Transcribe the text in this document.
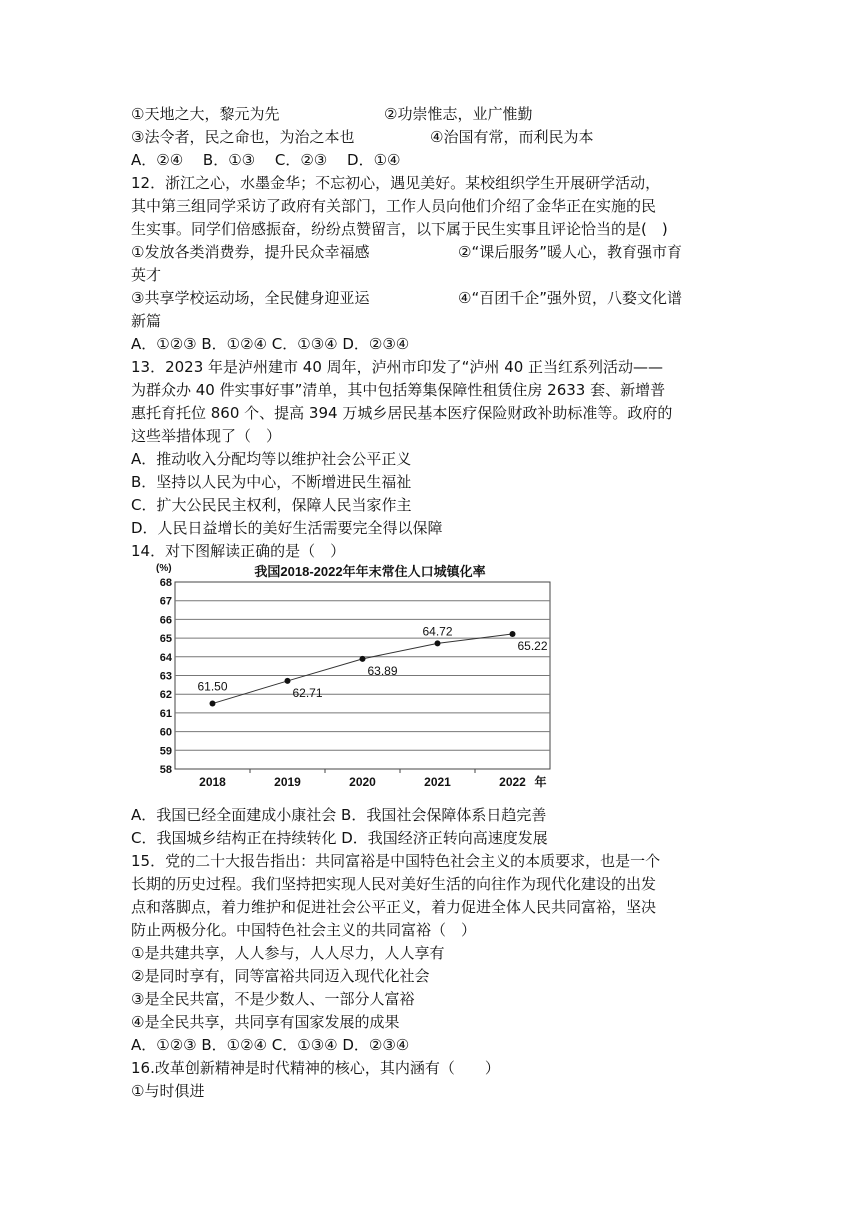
①天地之大，黎元为先	②功崇惟志，业广惟勤
③法令者，民之命也，为治之本也	④治国有常，而利民为本
A．②④　 B．①③　 C．②③　 D．①④
12．浙江之心，水墨金华；不忘初心，遇见美好。某校组织学生开展研学活动，
其中第三组同学采访了政府有关部门，工作人员向他们介绍了金华正在实施的民
生实事。同学们倍感振奋，纷纷点赞留言，以下属于民生实事且评论恰当的是(　)
①发放各类消费券，提升民众幸福感	②“课后服务”暖人心，教育强市育
英才
③共享学校运动场，全民健身迎亚运	④“百团千企”强外贸，八婺文化谱
新篇
A．①②③ B．①②④ C．①③④ D．②③④
13．2023 年是泸州建市 40 周年，泸州市印发了“泸州 40 正当红系列活动——
为群众办 40 件实事好事”清单，其中包括筹集保障性租赁住房 2633 套、新增普
惠托育托位 860 个、提高 394 万城乡居民基本医疗保险财政补助标准等。政府的
这些举措体现了（　）
A．推动收入分配均等以维护社会公平正义
B．坚持以人民为中心，不断增进民生福祉
C．扩大公民民主权利，保障人民当家作主
D．人民日益增长的美好生活需要完全得以保障
14．对下图解读正确的是（　）
(%)	我国2018-2022年年末常住人口城镇化率
68
67
66
65
64
63
62
61
60
59
58
2018	2019	2020	2021	2022 年
61.50	62.71
63.89
64.72
65.22
A．我国已经全面建成小康社会 B．我国社会保障体系日趋完善
C．我国城乡结构正在持续转化 D．我国经济正转向高速度发展
15．党的二十大报告指出：共同富裕是中国特色社会主义的本质要求，也是一个
长期的历史过程。我们坚持把实现人民对美好生活的向往作为现代化建设的出发
点和落脚点，着力维护和促进社会公平正义，着力促进全体人民共同富裕，坚决
防止两极分化。中国特色社会主义的共同富裕（　）
①是共建共享，人人参与，人人尽力，人人享有
②是同时享有，同等富裕共同迈入现代化社会
③是全民共富，不是少数人、一部分人富裕
④是全民共享，共同享有国家发展的成果
A．①②③ B．①②④ C．①③④ D．②③④
16.改革创新精神是时代精神的核心，其内涵有（　　）
①与时俱进
